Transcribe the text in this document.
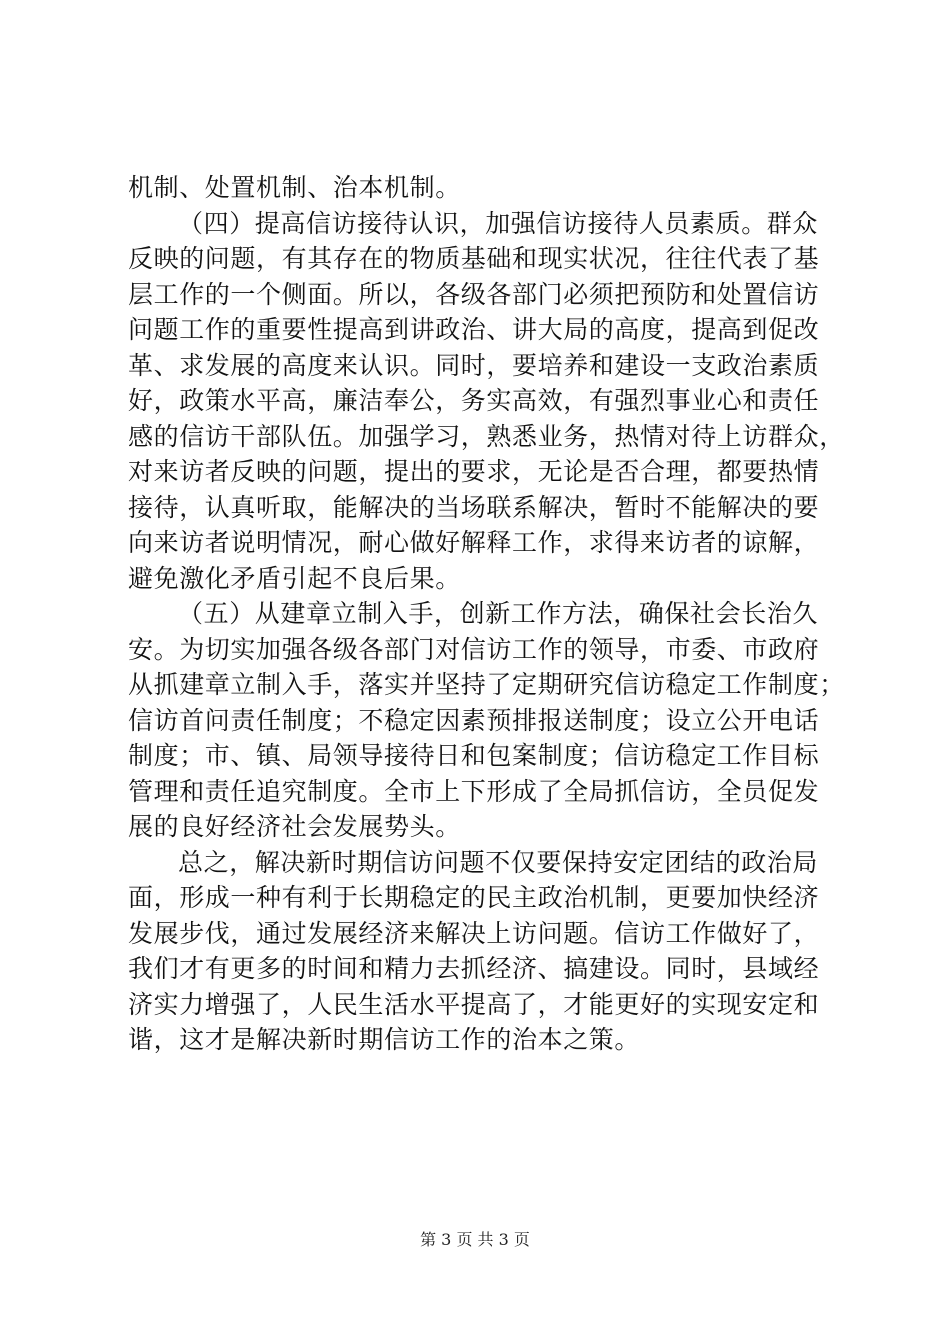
机制、处置机制、治本机制。
（四）提高信访接待认识，加强信访接待人员素质。群众
反映的问题，有其存在的物质基础和现实状况，往往代表了基
层工作的一个侧面。所以，各级各部门必须把预防和处置信访
问题工作的重要性提高到讲政治、讲大局的高度，提高到促改
革、求发展的高度来认识。同时，要培养和建设一支政治素质
好，政策水平高，廉洁奉公，务实高效，有强烈事业心和责任
感的信访干部队伍。加强学习，熟悉业务，热情对待上访群众，
对来访者反映的问题，提出的要求，无论是否合理，都要热情
接待，认真听取，能解决的当场联系解决，暂时不能解决的要
向来访者说明情况，耐心做好解释工作，求得来访者的谅解，
避免激化矛盾引起不良后果。
（五）从建章立制入手，创新工作方法，确保社会长治久
安。为切实加强各级各部门对信访工作的领导，市委、市政府
从抓建章立制入手，落实并坚持了定期研究信访稳定工作制度；
信访首问责任制度；不稳定因素预排报送制度；设立公开电话
制度；市、镇、局领导接待日和包案制度；信访稳定工作目标
管理和责任追究制度。全市上下形成了全局抓信访，全员促发
展的良好经济社会发展势头。
总之，解决新时期信访问题不仅要保持安定团结的政治局
面，形成一种有利于长期稳定的民主政治机制，更要加快经济
发展步伐，通过发展经济来解决上访问题。信访工作做好了，
我们才有更多的时间和精力去抓经济、搞建设。同时，县域经
济实力增强了，人民生活水平提高了，才能更好的实现安定和
谐，这才是解决新时期信访工作的治本之策。
第 3 页 共 3 页
